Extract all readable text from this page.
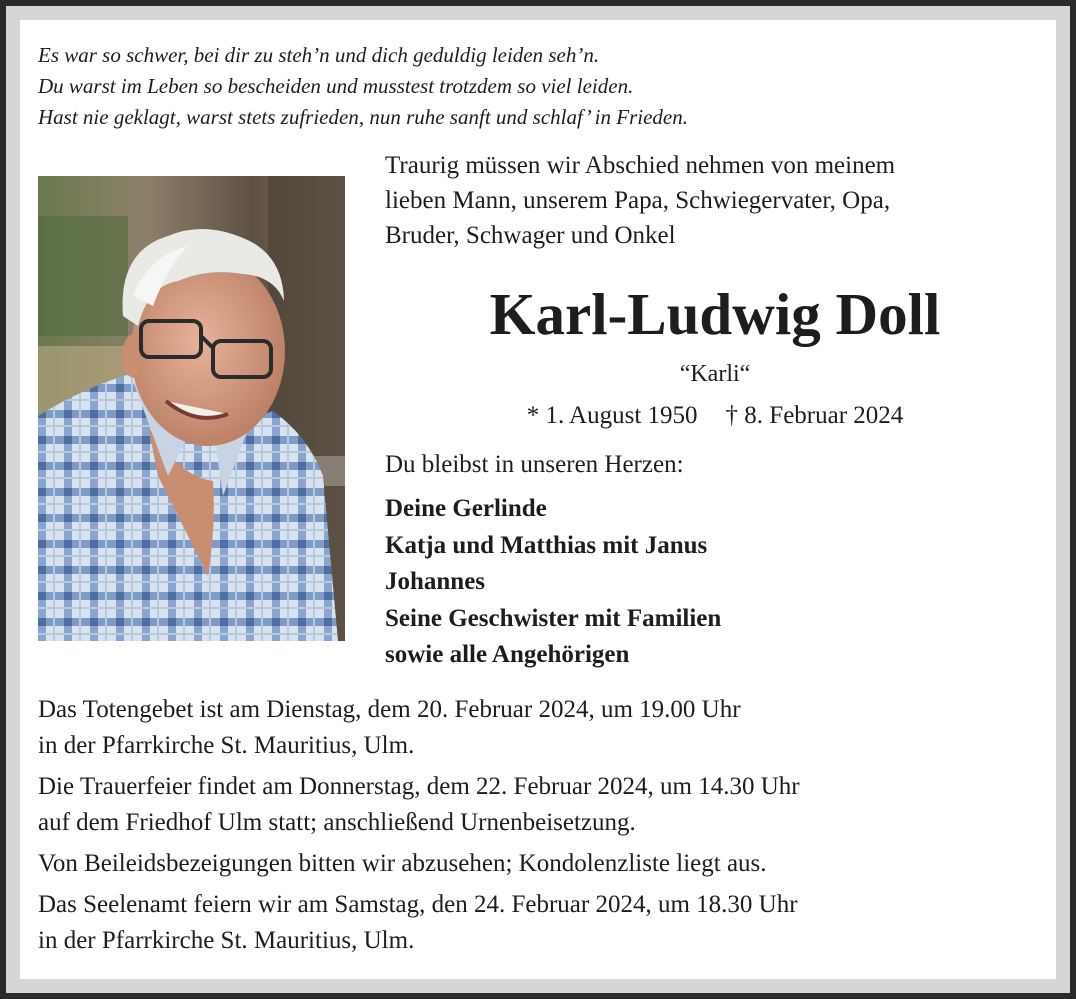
Es war so schwer, bei dir zu steh’n und dich geduldig leiden seh’n.
Du warst im Leben so bescheiden und musstest trotzdem so viel leiden.
Hast nie geklagt, warst stets zufrieden, nun ruhe sanft und schlaf’ in Frieden.
Traurig müssen wir Abschied nehmen von meinem
lieben Mann, unserem Papa, Schwiegervater, Opa,
Bruder, Schwager und Onkel
Karl-Ludwig Doll
“Karli“
* 1. August 1950 † 8. Februar 2024
Du bleibst in unseren Herzen:
Deine Gerlinde
Katja und Matthias mit Janus
Johannes
Seine Geschwister mit Familien
sowie alle Angehörigen
Das Totengebet ist am Dienstag, dem 20. Februar 2024, um 19.00 Uhr
in der Pfarrkirche St. Mauritius, Ulm.
Die Trauerfeier findet am Donnerstag, dem 22. Februar 2024, um 14.30 Uhr
auf dem Friedhof Ulm statt; anschließend Urnenbeisetzung.
Von Beileidsbezeigungen bitten wir abzusehen; Kondolenzliste liegt aus.
Das Seelenamt feiern wir am Samstag, den 24. Februar 2024, um 18.30 Uhr
in der Pfarrkirche St. Mauritius, Ulm.
